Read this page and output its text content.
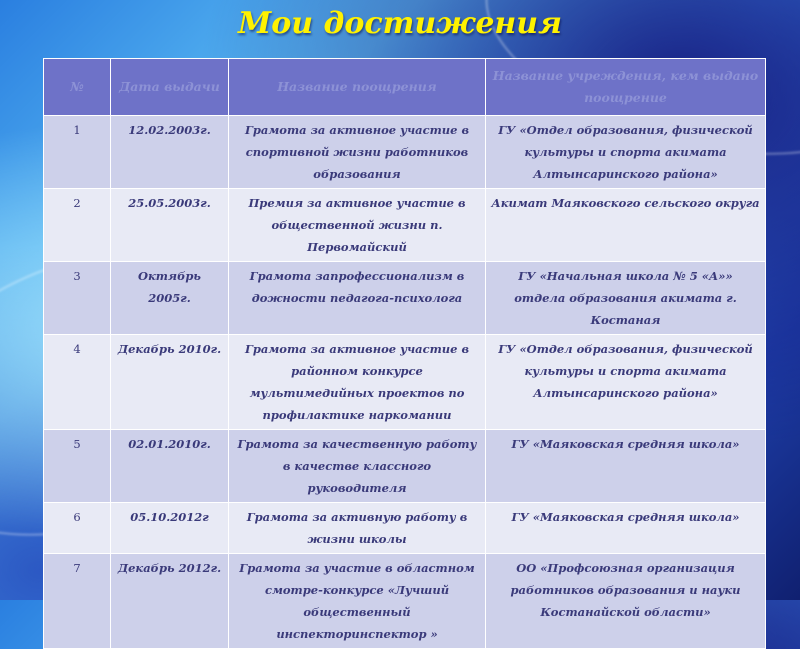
Мои достижения
№	Дата выдачи	Название поощрения	Название учреждения, кем выдано поощрение
1	12.02.2003г.	Грамота за активное участие в спортивной жизни работников образования	ГУ «Отдел образования, физической культуры и спорта акимата Алтынсаринского района»
2	25.05.2003г.	Премия за активное участие в общественной жизни п. Первомайский	Акимат Маяковского сельского округа
3	Октябрь 2005г.	Грамота запрофессионализм в дожности педагога-психолога	ГУ «Начальная школа № 5 «А»» отдела образования акимата г. Костаная
4	Декабрь 2010г.	Грамота за активное участие в районном конкурсе мультимедийных проектов по профилактике наркомании	ГУ «Отдел образования, физической культуры и спорта акимата Алтынсаринского района»
5	02.01.2010г.	Грамота за качественную работу в качестве классного руководителя	ГУ «Маяковская средняя школа»
6	05.10.2012г	Грамота за активную работу в жизни школы	ГУ «Маяковская средняя школа»
7	Декабрь 2012г.	Грамота за участие в областном смотре-конкурсе «Лучший общественный инспекторинспектор »	ОО «Профсоюзная организация работников образования и науки Костанайской области»
